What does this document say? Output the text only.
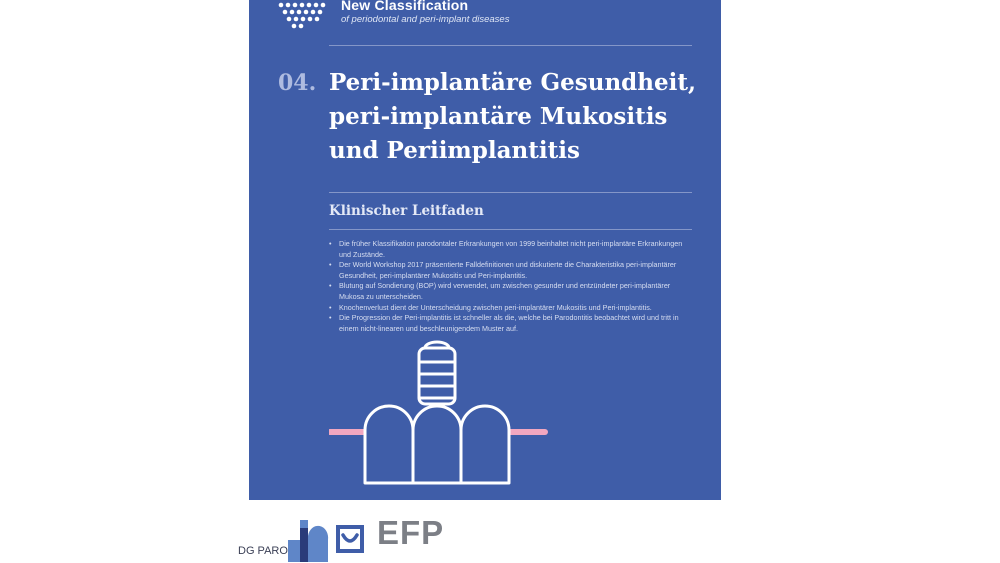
New Classification
of periodontal and peri-implant diseases
04. Peri-implantäre Gesundheit,
peri-implantäre Mukositis
und Periimplantitis
Klinischer Leitfaden
• Die früher Klassifikation parodontaler Erkrankungen von 1999 beinhaltet nicht peri-implantäre Erkrankungen und Zustände.
• Der World Workshop 2017 präsentierte Falldefinitionen und diskutierte die Charakteristika peri-implantärer Gesundheit, peri-implantärer Mukositis und Peri-implantitis.
• Blutung auf Sondierung (BOP) wird verwendet, um zwischen gesunder und entzündeter peri-implantärer Mukosa zu unterscheiden.
• Knochenverlust dient der Unterscheidung zwischen peri-implantärer Mukositis und Peri-implantitis.
• Die Progression der Peri-implantitis ist schneller als die, welche bei Parodontitis beobachtet wird und tritt in einem nicht-linearen und beschleunigendem Muster auf.
DG PARO	EFP
